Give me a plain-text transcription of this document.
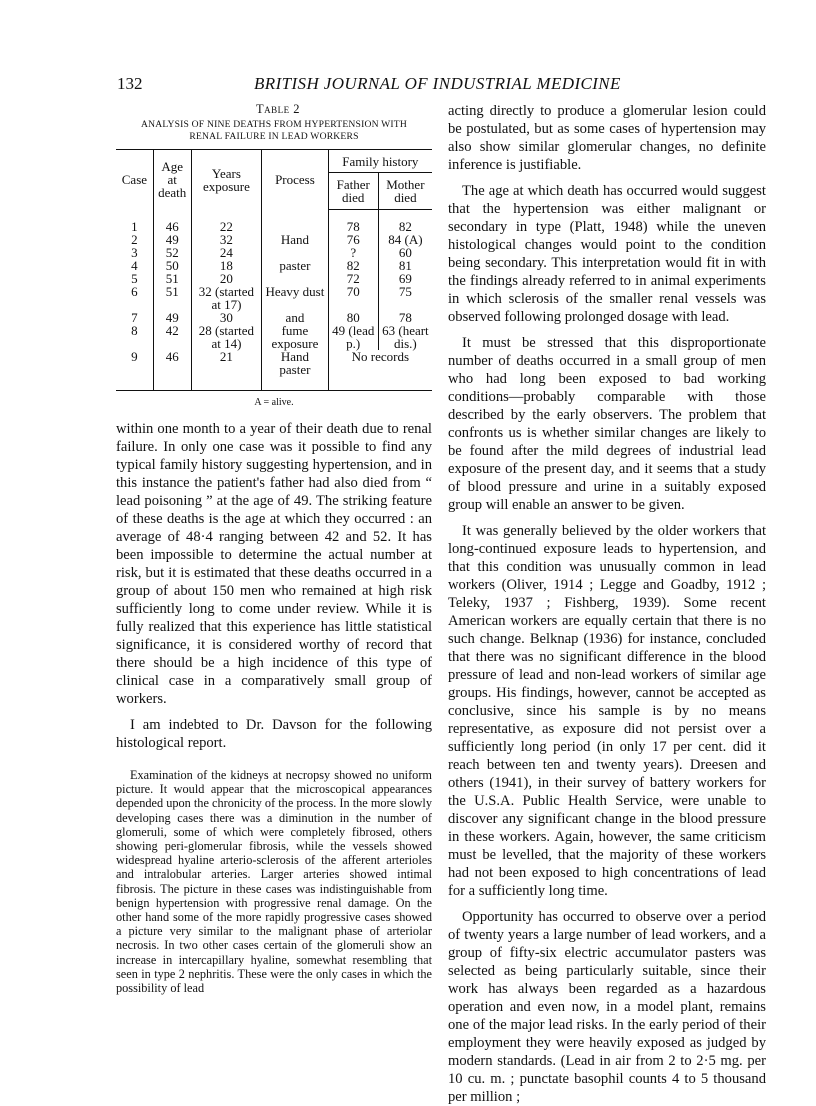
132	BRITISH JOURNAL OF INDUSTRIAL MEDICINE
Table 2
ANALYSIS OF NINE DEATHS FROM HYPERTENSION WITH
RENAL FAILURE IN LEAD WORKERS
Case	Age at death	Years exposure	Process	Family history	
				Father died	Mother died
1	46	22		78	82
2	49	32	Hand	76	84 (A)
3	52	24		?	60
4	50	18	paster	82	81
5	51	20		72	69
6	51	32 (started at 17)	Heavy dust	70	75
7	49	30	and	80	78
8	42	28 (started at 14)	fume exposure	49 (lead p.)	63 (heart dis.)
9	46	21	Hand paster	No records	
A = alive.

within one month to a year of their death due to renal failure. In only one case was it possible to find any typical family history suggesting hypertension, and in this instance the patient's father had also died from “ lead poisoning ” at the age of 49. The striking feature of these deaths is the age at which they occurred : an average of 48·4 ranging between 42 and 52. It has been impossible to determine the actual number at risk, but it is estimated that these deaths occurred in a group of about 150 men who remained at high risk sufficiently long to come under review. While it is fully realized that this experience has little statistical significance, it is considered worthy of record that there should be a high incidence of this type of clinical case in a comparatively small group of workers.

I am indebted to Dr. Davson for the following histological report.

Examination of the kidneys at necropsy showed no uniform picture. It would appear that the microscopical appearances depended upon the chronicity of the process. In the more slowly developing cases there was a diminution in the number of glomeruli, some of which were completely fibrosed, others showing peri-glomerular fibrosis, while the vessels showed widespread hyaline arterio-sclerosis of the afferent arterioles and intralobular arteries. Larger arteries showed intimal fibrosis. The picture in these cases was indistinguishable from benign hypertension with progressive renal damage. On the other hand some of the more rapidly progressive cases showed a picture very similar to the malignant phase of arteriolar necrosis. In two other cases certain of the glomeruli show an increase in intercapillary hyaline, somewhat resembling that seen in type 2 nephritis. These were the only cases in which the possibility of lead

acting directly to produce a glomerular lesion could be postulated, but as some cases of hypertension may also show similar glomerular changes, no definite inference is justifiable.

The age at which death has occurred would suggest that the hypertension was either malignant or secondary in type (Platt, 1948) while the uneven histological changes would point to the condition being secondary. This interpretation would fit in with the findings already referred to in animal experiments in which sclerosis of the smaller renal vessels was observed following prolonged dosage with lead.

It must be stressed that this disproportionate number of deaths occurred in a small group of men who had long been exposed to bad working conditions—probably comparable with those described by the early observers. The problem that confronts us is whether similar changes are likely to be found after the mild degrees of industrial lead exposure of the present day, and it seems that a study of blood pressure and urine in a suitably exposed group will enable an answer to be given.

It was generally believed by the older workers that long-continued exposure leads to hypertension, and that this condition was unusually common in lead workers (Oliver, 1914 ; Legge and Goadby, 1912 ; Teleky, 1937 ; Fishberg, 1939). Some recent American workers are equally certain that there is no such change. Belknap (1936) for instance, concluded that there was no significant difference in the blood pressure of lead and non-lead workers of similar age groups. His findings, however, cannot be accepted as conclusive, since his sample is by no means representative, as exposure did not persist over a sufficiently long period (in only 17 per cent. did it reach between ten and twenty years). Dreesen and others (1941), in their survey of battery workers for the U.S.A. Public Health Service, were unable to discover any significant change in the blood pressure in these workers. Again, however, the same criticism must be levelled, that the majority of these workers had not been exposed to high concentrations of lead for a sufficiently long time.

Opportunity has occurred to observe over a period of twenty years a large number of lead workers, and a group of fifty-six electric accumulator pasters was selected as being particularly suitable, since their work has always been regarded as a hazardous operation and even now, in a model plant, remains one of the major lead risks. In the early period of their employment they were heavily exposed as judged by modern standards. (Lead in air from 2 to 2·5 mg. per 10 cu. m. ; punctate basophil counts 4 to 5 thousand per million ;
